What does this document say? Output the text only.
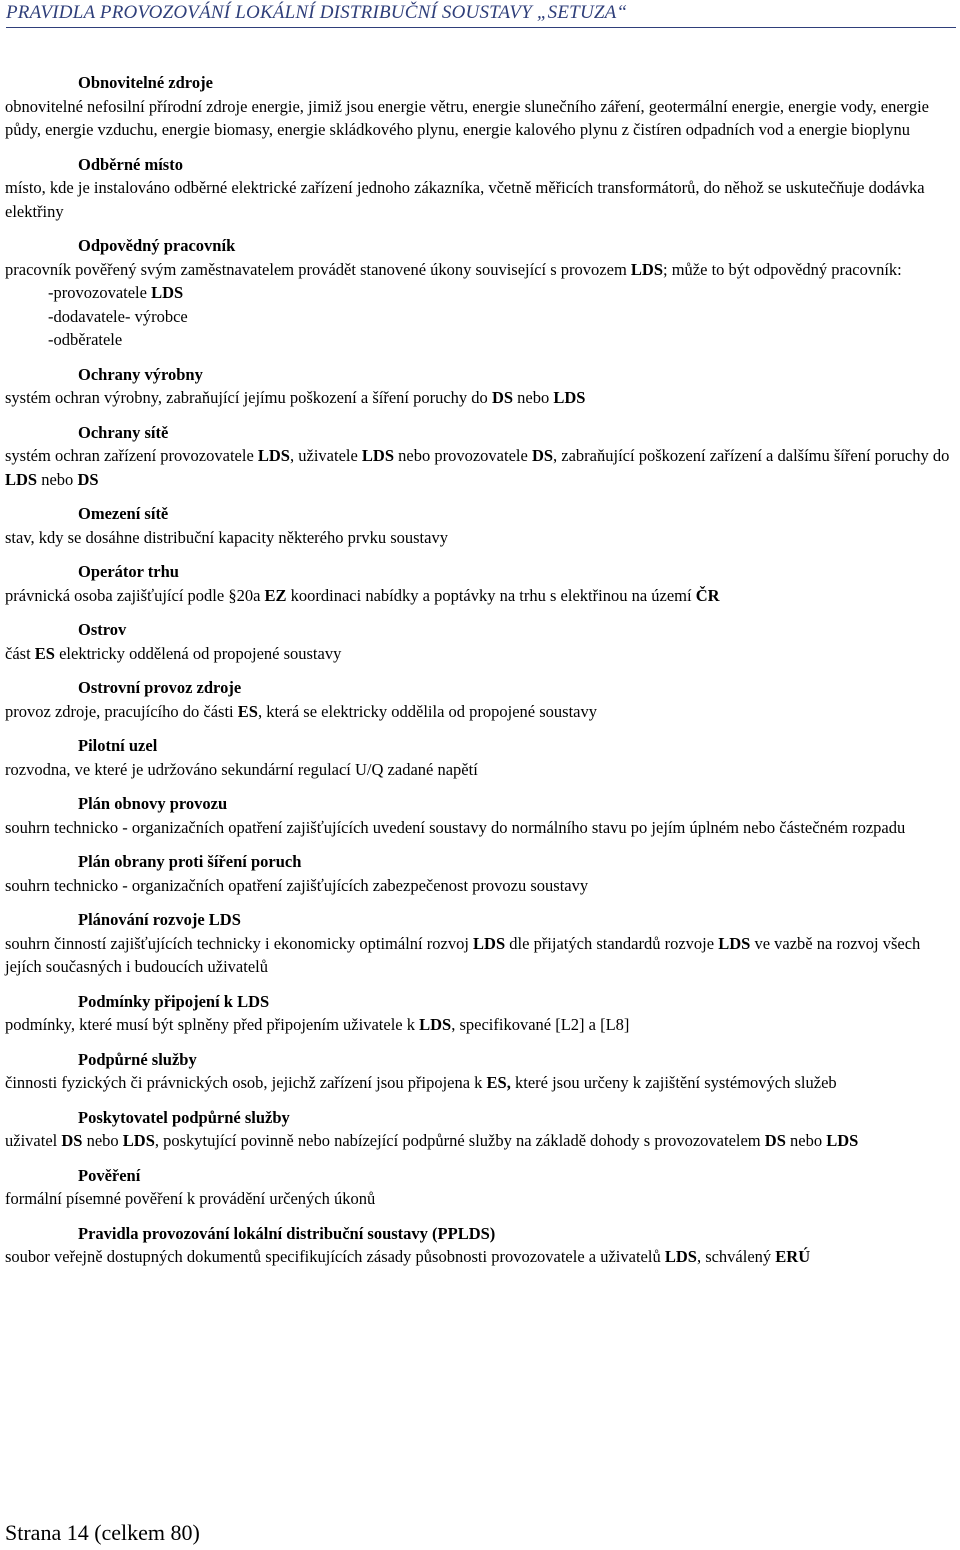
PRAVIDLA PROVOZOVÁNÍ LOKÁLNÍ DISTRIBUČNÍ SOUSTAVY „SETUZA“
Obnovitelné zdroje
obnovitelné nefosilní přírodní zdroje energie, jimiž jsou energie větru, energie slunečního záření, geotermální energie, energie vody, energie půdy, energie vzduchu, energie biomasy, energie skládkového plynu, energie kalového plynu z čistíren odpadních vod a energie bioplynu
Odběrné místo
místo, kde je instalováno odběrné elektrické zařízení jednoho zákazníka, včetně měřicích transformátorů, do něhož se uskutečňuje dodávka elektřiny
Odpovědný pracovník
pracovník pověřený svým zaměstnavatelem provádět stanovené úkony související s provozem LDS; může to být odpovědný pracovník:
-provozovatele LDS
-dodavatele- výrobce
-odběratele
Ochrany výrobny
systém ochran výrobny, zabraňující jejímu poškození a šíření poruchy do DS nebo LDS
Ochrany sítě
systém ochran zařízení provozovatele LDS, uživatele LDS nebo provozovatele DS, zabraňující poškození zařízení a dalšímu šíření poruchy do LDS nebo DS
Omezení sítě
stav, kdy se dosáhne distribuční kapacity některého prvku soustavy
Operátor trhu
právnická osoba zajišťující podle §20a EZ koordinaci nabídky a poptávky na trhu s elektřinou na území ČR
Ostrov
část ES elektricky oddělená od propojené soustavy
Ostrovní provoz zdroje
provoz zdroje, pracujícího do části ES, která se elektricky oddělila od propojené soustavy
Pilotní uzel
rozvodna, ve které je udržováno sekundární regulací U/Q zadané napětí
Plán obnovy provozu
souhrn technicko - organizačních opatření zajišťujících uvedení soustavy do normálního stavu po jejím úplném nebo částečném rozpadu
Plán obrany proti šíření poruch
souhrn technicko - organizačních opatření zajišťujících zabezpečenost provozu soustavy
Plánování rozvoje LDS
souhrn činností zajišťujících technicky i ekonomicky optimální rozvoj LDS dle přijatých standardů rozvoje LDS ve vazbě na rozvoj všech jejích současných i budoucích uživatelů
Podmínky připojení k LDS
podmínky, které musí být splněny před připojením uživatele k LDS, specifikované [L2] a [L8]
Podpůrné služby
činnosti fyzických či právnických osob, jejichž zařízení jsou připojena k ES, které jsou určeny k zajištění systémových služeb
Poskytovatel podpůrné služby
uživatel DS nebo LDS, poskytující povinně nebo nabízející podpůrné služby na základě dohody s provozovatelem DS nebo LDS
Pověření
formální písemné pověření k provádění určených úkonů
Pravidla provozování lokální distribuční soustavy (PPLDS)
soubor veřejně dostupných dokumentů specifikujících zásady působnosti provozovatele a uživatelů LDS, schválený ERÚ
Strana 14 (celkem 80)
